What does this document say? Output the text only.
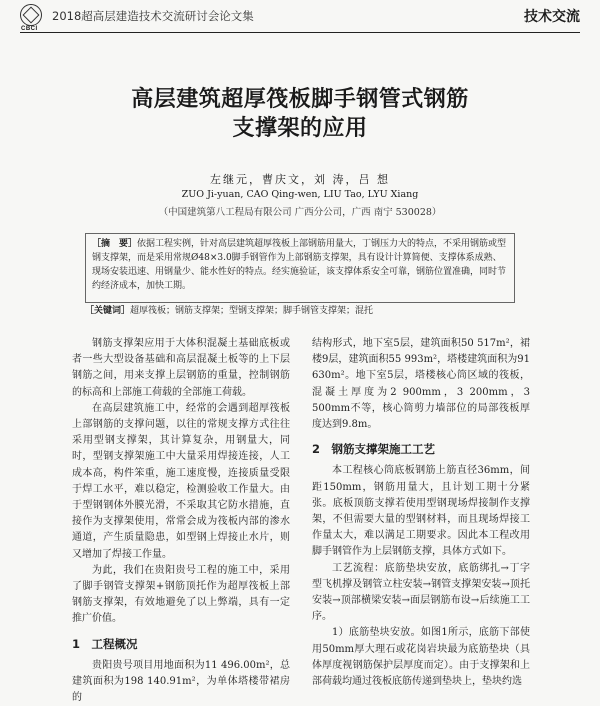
CBCI
2018超高层建造技术交流研讨会论文集	技术交流
高层建筑超厚筏板脚手钢管式钢筋
支撑架的应用
左继元，曹庆文，刘 涛，吕 想
ZUO Ji-yuan, CAO Qing-wen, LIU Tao, LYU Xiang
（中国建筑第八工程局有限公司 广西分公司，广西 南宁 530028）
［摘　要］依据工程实例，针对高层建筑超厚筏板上部钢筋用量大，丁钢压力大的特点，不采用钢筋或型钢支撑架，而是采用常规Ø48×3.0脚手钢管作为上部钢筋支撑架，具有设计计算简便、支撑体系成熟、现场安装迅速、用钢量少、能水性好的特点。经实施验证，该支撑体系安全可靠，钢筋位置准确，同时节约经济成本，加快工期。
［关键词］超厚筏板；钢筋支撑架；型钢支撑架；脚手钢管支撑架；混托

钢筋支撑架应用于大体积混凝土基础底板或者一些大型设备基础和高层混凝土板等的上下层钢筋之间，用来支撑上层钢筋的重量，控制钢筋的标高和上部施工荷载的全部施工荷载。

在高层建筑施工中，经常的会遇到超厚筏板上部钢筋的支撑问题，以往的常规支撑方式往往采用型钢支撑架，其计算复杂，用钢量大，同时，型钢支撑架施工中大量采用焊接连接，人工成本高，构件笨重，施工速度慢，连接质量受限于焊工水平，难以稳定，检测验收工作量大。由于型钢钢体外膜光滑，不采取其它防水措施，直接作为支撑架使用，常常会成为筏板内部的渗水通道，产生质量隐患，如型钢上焊接止水片，则又增加了焊接工作量。

为此，我们在贵阳贵号工程的施工中，采用了脚手钢管支撑架+钢筋顶托作为超厚筏板上部钢筋支撑架，有效地避免了以上弊端，具有一定推广价值。

1　工程概况

贵阳贵号项目用地面积为11 496.00m²，总建筑面积为198 140.91m²，为单体塔楼带裙房的

结构形式，地下室5层，建筑面积50 517m²，裙楼9层，建筑面积55 993m²，塔楼建筑面积为91 630m²。地下室5层，塔楼核心筒区域的筏板，混凝土厚度为2 900mm，3 200mm，3 500mm不等，核心筒剪力墙部位的局部筏板厚度达到9.8m。

2　钢筋支撑架施工工艺

本工程核心筒底板钢筋上筋直径36mm，间距150mm，钢筋用量大，且计划工期十分紧张。底板顶筋支撑若使用型钢现场焊接制作支撑架，不但需要大量的型钢材料，而且现场焊接工作量太大，难以满足工期要求。因此本工程改用脚手钢管作为上层钢筋支撑，具体方式如下。

工艺流程：底筋垫块安放，底筋绑扎→丁字型飞机撑及钢管立柱安装→钢管支撑架安装→顶托安装→顶部横梁安装→面层钢筋布设→后续施工工序。

1）底筋垫块安放。如图1所示，底筋下部使用50mm厚大理石或花岗岩块最为底筋垫块（具体厚度视钢筋保护层厚度而定）。由于支撑架和上部荷载均通过筏板底筋传递到垫块上，垫块约选
